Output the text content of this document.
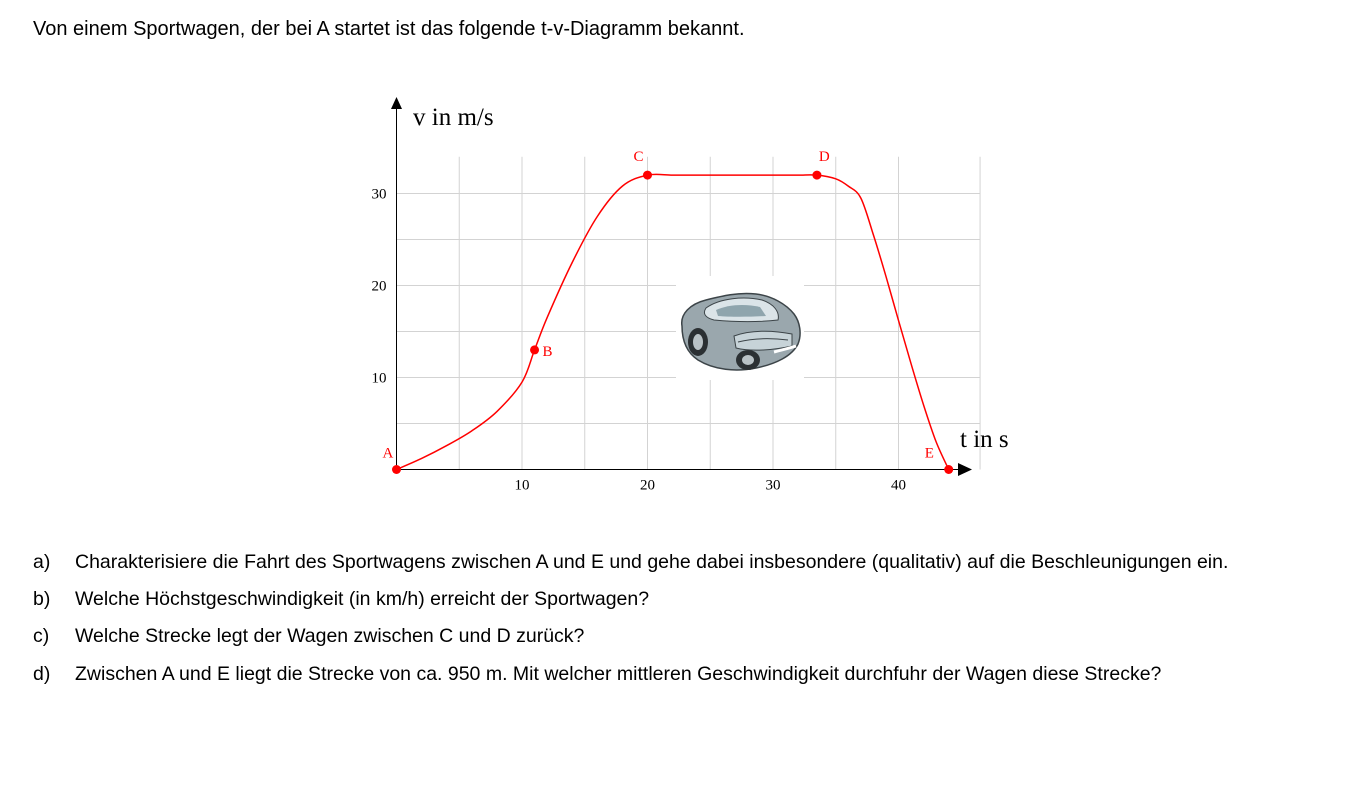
Von einem Sportwagen, der bei A startet ist das folgende t-v-Diagramm bekannt.

10	20	30	40
10
20
30
v in m/s
t in s
A
B
C	D
E
a) Charakterisiere die Fahrt des Sportwagens zwischen A und E und gehe dabei insbesondere (qualitativ) auf die Beschleunigungen ein.
b) Welche Höchstgeschwindigkeit (in km/h) erreicht der Sportwagen?
c) Welche Strecke legt der Wagen zwischen C und D zurück?
d) Zwischen A und E liegt die Strecke von ca. 950 m. Mit welcher mittleren Geschwindigkeit durchfuhr der Wagen diese Strecke?
